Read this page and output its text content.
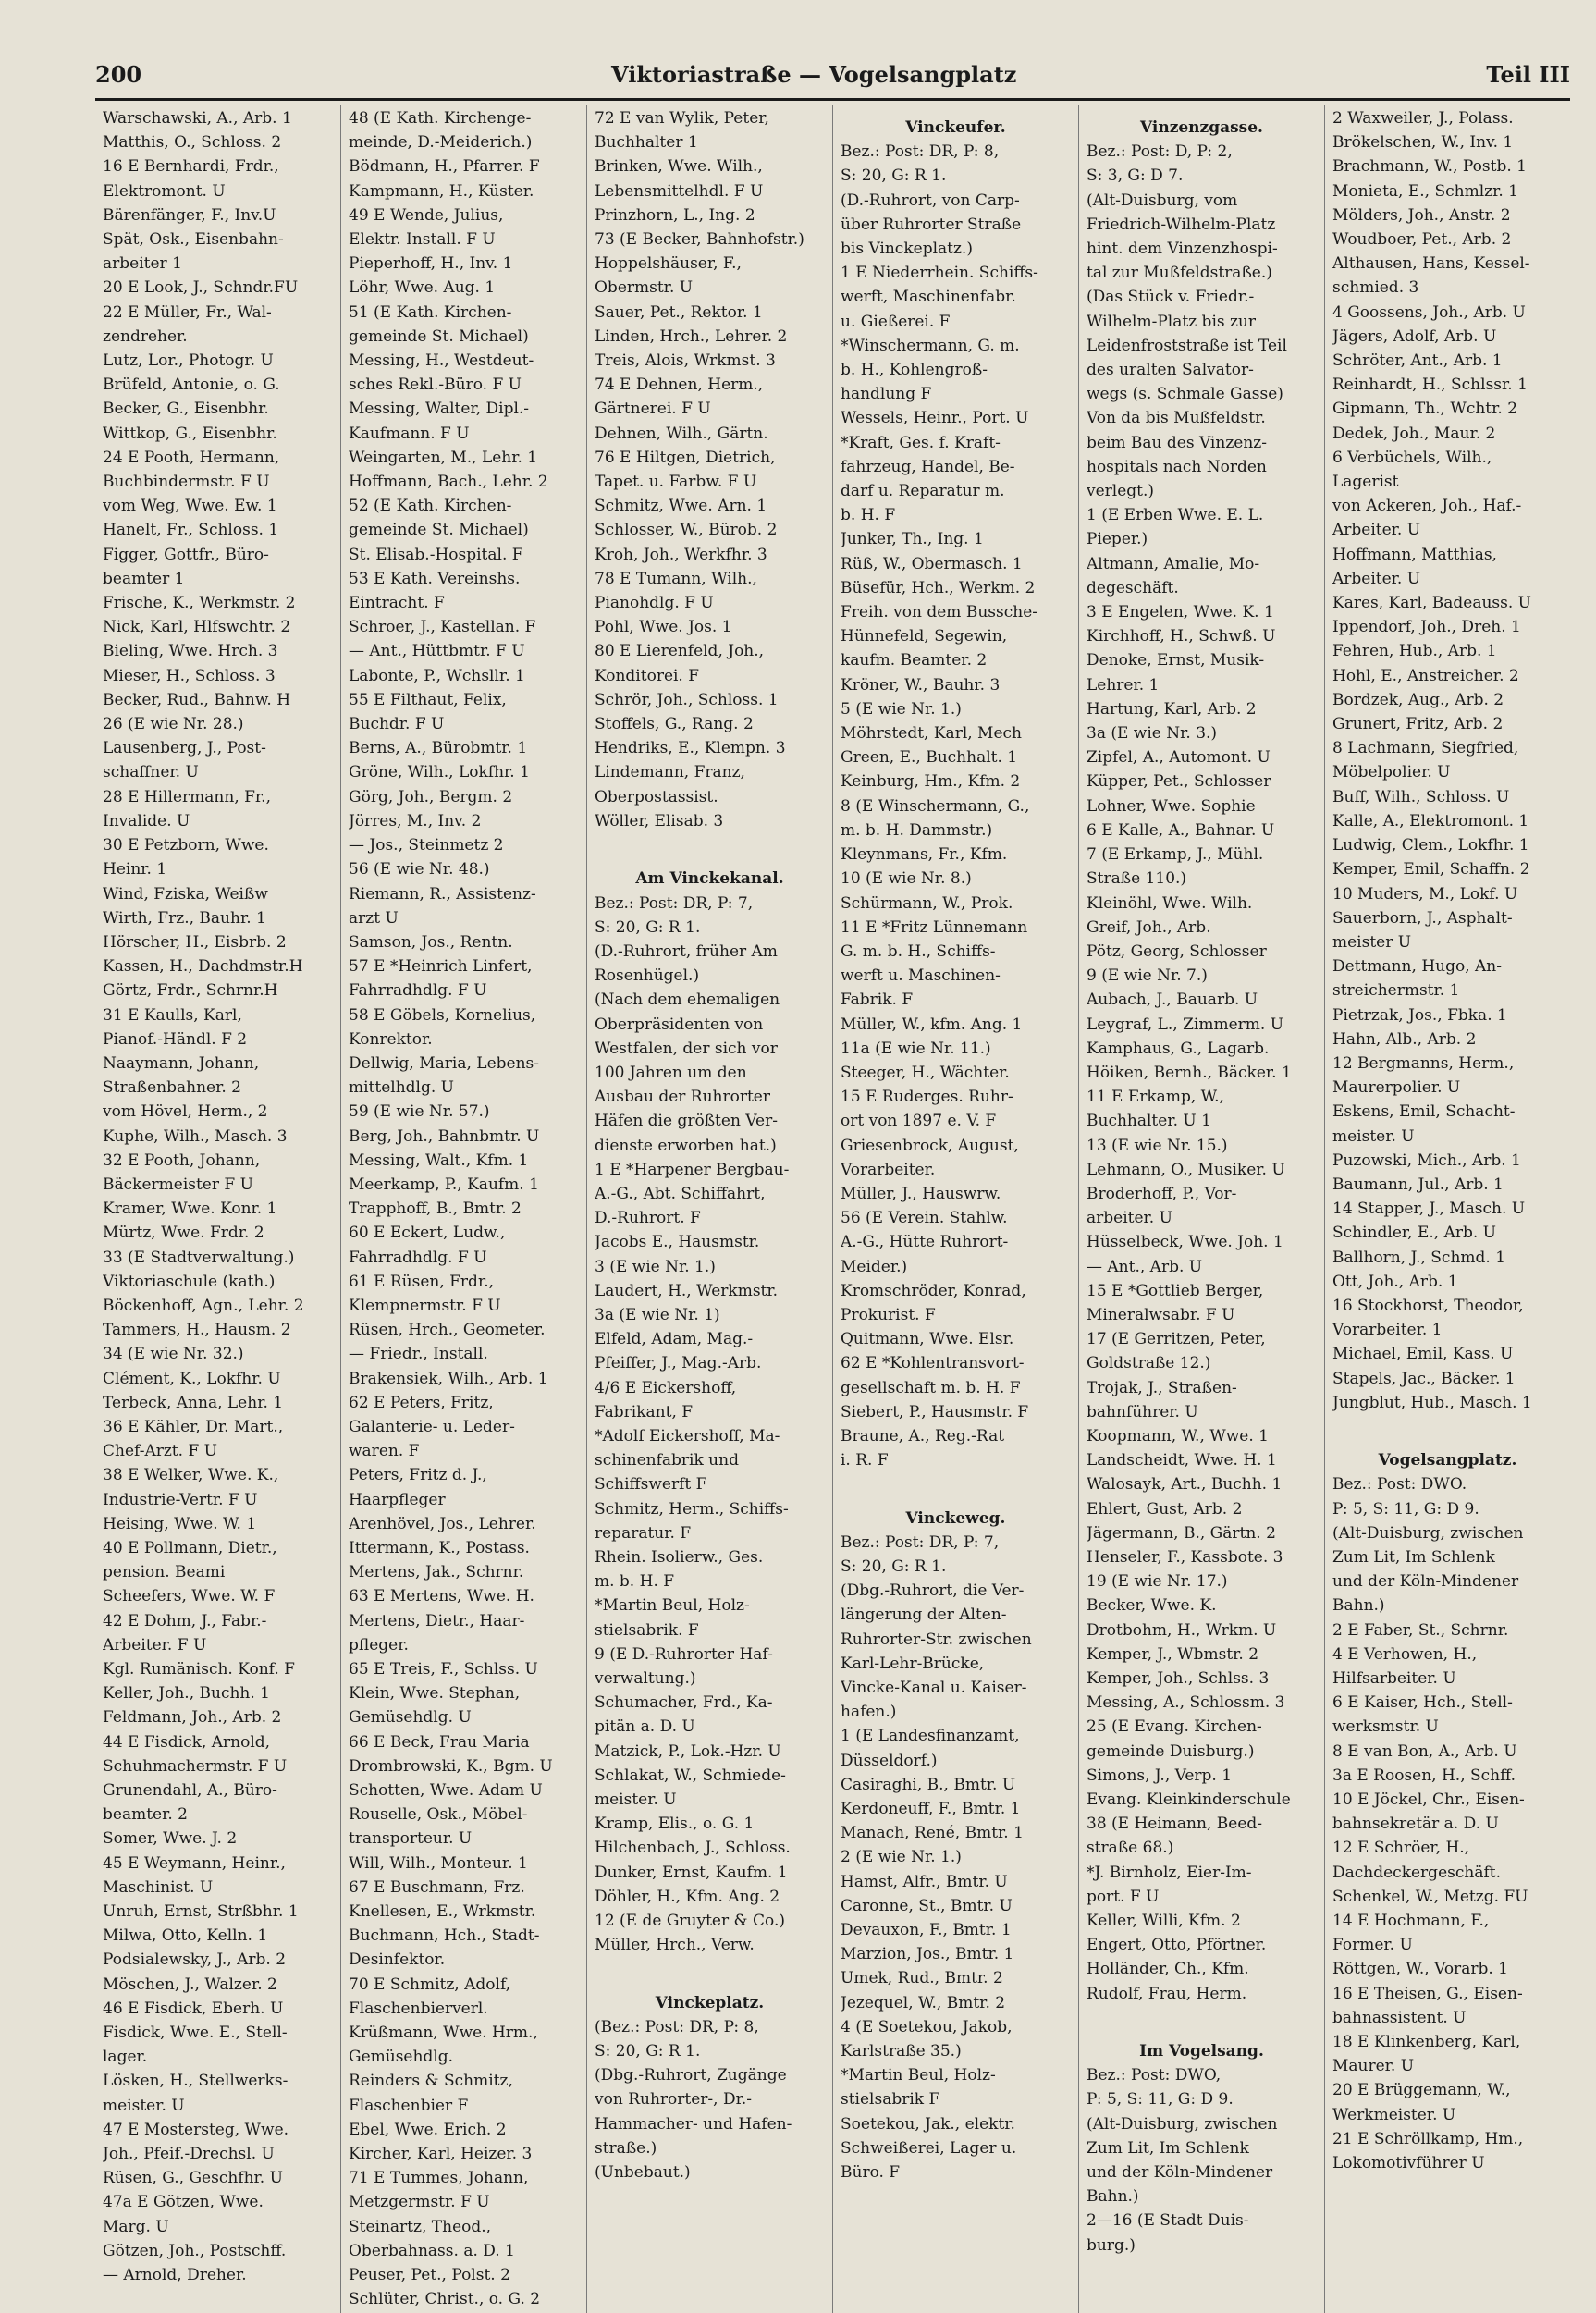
200	Viktoriastraße — Vogelsangplatz	Teil III
Warschawski, A., Arb. 1
Matthis, O., Schloss. 2
16 E Bernhardi, Frdr.,
Elektromont. U
Bärenfänger, F., Inv.U
Spät, Osk., Eisenbahn-
arbeiter 1
20 E Look, J., Schndr.FU
22 E Müller, Fr., Wal-
zendreher.
Lutz, Lor., Photogr. U
Brüfeld, Antonie, o. G.
Becker, G., Eisenbhr.
Wittkop, G., Eisenbhr.
24 E Pooth, Hermann,
Buchbindermstr. F U
vom Weg, Wwe. Ew. 1
Hanelt, Fr., Schloss. 1
Figger, Gottfr., Büro-
beamter 1
Frische, K., Werkmstr. 2
Nick, Karl, Hlfswchtr. 2
Bieling, Wwe. Hrch. 3
Mieser, H., Schloss. 3
Becker, Rud., Bahnw. H
26 (E wie Nr. 28.)
Lausenberg, J., Post-
schaffner. U
28 E Hillermann, Fr.,
Invalide. U
30 E Petzborn, Wwe.
Heinr. 1
Wind, Fziska, Weißw
Wirth, Frz., Bauhr. 1
Hörscher, H., Eisbrb. 2
Kassen, H., Dachdmstr.H
Görtz, Frdr., Schrnr.H
31 E Kaulls, Karl,
Pianof.-Händl. F 2
Naaymann, Johann,
Straßenbahner. 2
vom Hövel, Herm., 2
Kuphe, Wilh., Masch. 3
32 E Pooth, Johann,
Bäckermeister F U
Kramer, Wwe. Konr. 1
Mürtz, Wwe. Frdr. 2
33 (E Stadtverwaltung.)
Viktoriaschule (kath.)
Böckenhoff, Agn., Lehr. 2
Tammers, H., Hausm. 2
34 (E wie Nr. 32.)
Clément, K., Lokfhr. U
Terbeck, Anna, Lehr. 1
36 E Kähler, Dr. Mart.,
Chef-Arzt. F U
38 E Welker, Wwe. K.,
Industrie-Vertr. F U
Heising, Wwe. W. 1
40 E Pollmann, Dietr.,
pension. Beami
Scheefers, Wwe. W. F
42 E Dohm, J., Fabr.-
Arbeiter. F U
Kgl. Rumänisch. Konf. F
Keller, Joh., Buchh. 1
Feldmann, Joh., Arb. 2
44 E Fisdick, Arnold,
Schuhmachermstr. F U
Grunendahl, A., Büro-
beamter. 2
Somer, Wwe. J. 2
45 E Weymann, Heinr.,
Maschinist. U
Unruh, Ernst, Strßbhr. 1
Milwa, Otto, Kelln. 1
Podsialewsky, J., Arb. 2
Möschen, J., Walzer. 2
46 E Fisdick, Eberh. U
Fisdick, Wwe. E., Stell-
lager.
Lösken, H., Stellwerks-
meister. U
47 E Mostersteg, Wwe.
Joh., Pfeif.-Drechsl. U
Rüsen, G., Geschfhr. U
47a E Götzen, Wwe.
Marg. U
Götzen, Joh., Postschff.
— Arnold, Dreher.
48 (E Kath. Kirchenge-
meinde, D.-Meiderich.)
Bödmann, H., Pfarrer. F
Kampmann, H., Küster.
49 E Wende, Julius,
Elektr. Install. F U
Pieperhoff, H., Inv. 1
Löhr, Wwe. Aug. 1
51 (E Kath. Kirchen-
gemeinde St. Michael)
Messing, H., Westdeut-
sches Rekl.-Büro. F U
Messing, Walter, Dipl.-
Kaufmann. F U
Weingarten, M., Lehr. 1
Hoffmann, Bach., Lehr. 2
52 (E Kath. Kirchen-
gemeinde St. Michael)
St. Elisab.-Hospital. F
53 E Kath. Vereinshs.
Eintracht. F
Schroer, J., Kastellan. F
— Ant., Hüttbmtr. F U
Labonte, P., Wchsllr. 1
55 E Filthaut, Felix,
Buchdr. F U
Berns, A., Bürobmtr. 1
Gröne, Wilh., Lokfhr. 1
Görg, Joh., Bergm. 2
Jörres, M., Inv. 2
— Jos., Steinmetz 2
56 (E wie Nr. 48.)
Riemann, R., Assistenz-
arzt U
Samson, Jos., Rentn.
57 E *Heinrich Linfert,
Fahrradhdlg. F U
58 E Göbels, Kornelius,
Konrektor.
Dellwig, Maria, Lebens-
mittelhdlg. U
59 (E wie Nr. 57.)
Berg, Joh., Bahnbmtr. U
Messing, Walt., Kfm. 1
Meerkamp, P., Kaufm. 1
Trapphoff, B., Bmtr. 2
60 E Eckert, Ludw.,
Fahrradhdlg. F U
61 E Rüsen, Frdr.,
Klempnermstr. F U
Rüsen, Hrch., Geometer.
— Friedr., Install.
Brakensiek, Wilh., Arb. 1
62 E Peters, Fritz,
Galanterie- u. Leder-
waren. F
Peters, Fritz d. J.,
Haarpfleger
Arenhövel, Jos., Lehrer.
Ittermann, K., Postass.
Mertens, Jak., Schrnr.
63 E Mertens, Wwe. H.
Mertens, Dietr., Haar-
pfleger.
65 E Treis, F., Schlss. U
Klein, Wwe. Stephan,
Gemüsehdlg. U
66 E Beck, Frau Maria
Drombrowski, K., Bgm. U
Schotten, Wwe. Adam U
Rouselle, Osk., Möbel-
transporteur. U
Will, Wilh., Monteur. 1
67 E Buschmann, Frz.
Knellesen, E., Wrkmstr.
Buchmann, Hch., Stadt-
Desinfektor.
70 E Schmitz, Adolf,
Flaschenbierverl.
Krüßmann, Wwe. Hrm.,
Gemüsehdlg.
Reinders & Schmitz,
Flaschenbier F
Ebel, Wwe. Erich. 2
Kircher, Karl, Heizer. 3
71 E Tummes, Johann,
Metzgermstr. F U
Steinartz, Theod.,
Oberbahnass. a. D. 1
Peuser, Pet., Polst. 2
Schlüter, Christ., o. G. 2
72 E van Wylik, Peter,
Buchhalter 1
Brinken, Wwe. Wilh.,
Lebensmittelhdl. F U
Prinzhorn, L., Ing. 2
73 (E Becker, Bahnhofstr.)
Hoppelshäuser, F.,
Obermstr. U
Sauer, Pet., Rektor. 1
Linden, Hrch., Lehrer. 2
Treis, Alois, Wrkmst. 3
74 E Dehnen, Herm.,
Gärtnerei. F U
Dehnen, Wilh., Gärtn.
76 E Hiltgen, Dietrich,
Tapet. u. Farbw. F U
Schmitz, Wwe. Arn. 1
Schlosser, W., Bürob. 2
Kroh, Joh., Werkfhr. 3
78 E Tumann, Wilh.,
Pianohdlg. F U
Pohl, Wwe. Jos. 1
80 E Lierenfeld, Joh.,
Konditorei. F
Schrör, Joh., Schloss. 1
Stoffels, G., Rang. 2
Hendriks, E., Klempn. 3
Lindemann, Franz,
Oberpostassist.
Wöller, Elisab. 3

Am Vinckekanal.
Bez.: Post: DR, P: 7,
S: 20, G: R 1.
(D.-Ruhrort, früher Am
Rosenhügel.)
(Nach dem ehemaligen
Oberpräsidenten von
Westfalen, der sich vor
100 Jahren um den
Ausbau der Ruhrorter
Häfen die größten Ver-
dienste erworben hat.)
1 E *Harpener Bergbau-
A.-G., Abt. Schiffahrt,
D.-Ruhrort. F
Jacobs E., Hausmstr.
3 (E wie Nr. 1.)
Laudert, H., Werkmstr.
3a (E wie Nr. 1)
Elfeld, Adam, Mag.-
Pfeiffer, J., Mag.-Arb.
4/6 E Eickershoff,
Fabrikant, F
*Adolf Eickershoff, Ma-
schinenfabrik und
Schiffswerft F
Schmitz, Herm., Schiffs-
reparatur. F
Rhein. Isolierw., Ges.
m. b. H. F
*Martin Beul, Holz-
stielsabrik. F
9 (E D.-Ruhrorter Haf-
verwaltung.)
Schumacher, Frd., Ka-
pitän a. D. U
Matzick, P., Lok.-Hzr. U
Schlakat, W., Schmiede-
meister. U
Kramp, Elis., o. G. 1
Hilchenbach, J., Schloss.
Dunker, Ernst, Kaufm. 1
Döhler, H., Kfm. Ang. 2
12 (E de Gruyter & Co.)
Müller, Hrch., Verw.

Vinckeplatz.
(Bez.: Post: DR, P: 8,
S: 20, G: R 1.
(Dbg.-Ruhrort, Zugänge
von Ruhrorter-, Dr.-
Hammacher- und Hafen-
straße.)
(Unbebaut.)
Vinckeufer.
Bez.: Post: DR, P: 8,
S: 20, G: R 1.
(D.-Ruhrort, von Carp-
über Ruhrorter Straße
bis Vinckeplatz.)
1 E Niederrhein. Schiffs-
werft, Maschinenfabr.
u. Gießerei. F
*Winschermann, G. m.
b. H., Kohlengroß-
handlung F
Wessels, Heinr., Port. U
*Kraft, Ges. f. Kraft-
fahrzeug, Handel, Be-
darf u. Reparatur m.
b. H. F
Junker, Th., Ing. 1
Rüß, W., Obermasch. 1
Büsefür, Hch., Werkm. 2
Freih. von dem Bussche-
Hünnefeld, Segewin,
kaufm. Beamter. 2
Kröner, W., Bauhr. 3
5 (E wie Nr. 1.)
Möhrstedt, Karl, Mech
Green, E., Buchhalt. 1
Keinburg, Hm., Kfm. 2
8 (E Winschermann, G.,
m. b. H. Dammstr.)
Kleynmans, Fr., Kfm.
10 (E wie Nr. 8.)
Schürmann, W., Prok.
11 E *Fritz Lünnemann
G. m. b. H., Schiffs-
werft u. Maschinen-
Fabrik. F
Müller, W., kfm. Ang. 1
11a (E wie Nr. 11.)
Steeger, H., Wächter.
15 E Ruderges. Ruhr-
ort von 1897 e. V. F
Griesenbrock, August,
Vorarbeiter.
Müller, J., Hauswrw.
56 (E Verein. Stahlw.
A.-G., Hütte Ruhrort-
Meider.)
Kromschröder, Konrad,
Prokurist. F
Quitmann, Wwe. Elsr.
62 E *Kohlentransvort-
gesellschaft m. b. H. F
Siebert, P., Hausmstr. F
Braune, A., Reg.-Rat
i. R. F

Vinckeweg.
Bez.: Post: DR, P: 7,
S: 20, G: R 1.
(Dbg.-Ruhrort, die Ver-
längerung der Alten-
Ruhrorter-Str. zwischen
Karl-Lehr-Brücke,
Vincke-Kanal u. Kaiser-
hafen.)
1 (E Landesfinanzamt,
Düsseldorf.)
Casiraghi, B., Bmtr. U
Kerdoneuff, F., Bmtr. 1
Manach, René, Bmtr. 1
2 (E wie Nr. 1.)
Hamst, Alfr., Bmtr. U
Caronne, St., Bmtr. U
Devauxon, F., Bmtr. 1
Marzion, Jos., Bmtr. 1
Umek, Rud., Bmtr. 2
Jezequel, W., Bmtr. 2
4 (E Soetekou, Jakob,
Karlstraße 35.)
*Martin Beul, Holz-
stielsabrik F
Soetekou, Jak., elektr.
Schweißerei, Lager u.
Büro. F
Vinzenzgasse.
Bez.: Post: D, P: 2,
S: 3, G: D 7.
(Alt-Duisburg, vom
Friedrich-Wilhelm-Platz
hint. dem Vinzenzhospi-
tal zur Mußfeldstraße.)
(Das Stück v. Friedr.-
Wilhelm-Platz bis zur
Leidenfroststraße ist Teil
des uralten Salvator-
wegs (s. Schmale Gasse)
Von da bis Mußfeldstr.
beim Bau des Vinzenz-
hospitals nach Norden
verlegt.)
1 (E Erben Wwe. E. L.
Pieper.)
Altmann, Amalie, Mo-
degeschäft.
3 E Engelen, Wwe. K. 1
Kirchhoff, H., Schwß. U
Denoke, Ernst, Musik-
Lehrer. 1
Hartung, Karl, Arb. 2
3a (E wie Nr. 3.)
Zipfel, A., Automont. U
Küpper, Pet., Schlosser
Lohner, Wwe. Sophie
6 E Kalle, A., Bahnar. U
7 (E Erkamp, J., Mühl.
Straße 110.)
Kleinöhl, Wwe. Wilh.
Greif, Joh., Arb.
Pötz, Georg, Schlosser
9 (E wie Nr. 7.)
Aubach, J., Bauarb. U
Leygraf, L., Zimmerm. U
Kamphaus, G., Lagarb.
Höiken, Bernh., Bäcker. 1
11 E Erkamp, W.,
Buchhalter. U 1
13 (E wie Nr. 15.)
Lehmann, O., Musiker. U
Broderhoff, P., Vor-
arbeiter. U
Hüsselbeck, Wwe. Joh. 1
— Ant., Arb. U
15 E *Gottlieb Berger,
Mineralwsabr. F U
17 (E Gerritzen, Peter,
Goldstraße 12.)
Trojak, J., Straßen-
bahnführer. U
Koopmann, W., Wwe. 1
Landscheidt, Wwe. H. 1
Walosayk, Art., Buchh. 1
Ehlert, Gust, Arb. 2
Jägermann, B., Gärtn. 2
Henseler, F., Kassbote. 3
19 (E wie Nr. 17.)
Becker, Wwe. K.
Drotbohm, H., Wrkm. U
Kemper, J., Wbmstr. 2
Kemper, Joh., Schlss. 3
Messing, A., Schlossm. 3
25 (E Evang. Kirchen-
gemeinde Duisburg.)
Simons, J., Verp. 1
Evang. Kleinkinderschule
38 (E Heimann, Beed-
straße 68.)
*J. Birnholz, Eier-Im-
port. F U
Keller, Willi, Kfm. 2
Engert, Otto, Pförtner.
Holländer, Ch., Kfm.
Rudolf, Frau, Herm.

Im Vogelsang.
Bez.: Post: DWO,
P: 5, S: 11, G: D 9.
(Alt-Duisburg, zwischen
Zum Lit, Im Schlenk
und der Köln-Mindener
Bahn.)
2—16 (E Stadt Duis-
burg.)
2 Waxweiler, J., Polass.
Brökelschen, W., Inv. 1
Brachmann, W., Postb. 1
Monieta, E., Schmlzr. 1
Mölders, Joh., Anstr. 2
Woudboer, Pet., Arb. 2
Althausen, Hans, Kessel-
schmied. 3
4 Goossens, Joh., Arb. U
Jägers, Adolf, Arb. U
Schröter, Ant., Arb. 1
Reinhardt, H., Schlssr. 1
Gipmann, Th., Wchtr. 2
Dedek, Joh., Maur. 2
6 Verbüchels, Wilh.,
Lagerist
von Ackeren, Joh., Haf.-
Arbeiter. U
Hoffmann, Matthias,
Arbeiter. U
Kares, Karl, Badeauss. U
Ippendorf, Joh., Dreh. 1
Fehren, Hub., Arb. 1
Hohl, E., Anstreicher. 2
Bordzek, Aug., Arb. 2
Grunert, Fritz, Arb. 2
8 Lachmann, Siegfried,
Möbelpolier. U
Buff, Wilh., Schloss. U
Kalle, A., Elektromont. 1
Ludwig, Clem., Lokfhr. 1
Kemper, Emil, Schaffn. 2
10 Muders, M., Lokf. U
Sauerborn, J., Asphalt-
meister U
Dettmann, Hugo, An-
streichermstr. 1
Pietrzak, Jos., Fbka. 1
Hahn, Alb., Arb. 2
12 Bergmanns, Herm.,
Maurerpolier. U
Eskens, Emil, Schacht-
meister. U
Puzowski, Mich., Arb. 1
Baumann, Jul., Arb. 1
14 Stapper, J., Masch. U
Schindler, E., Arb. U
Ballhorn, J., Schmd. 1
Ott, Joh., Arb. 1
16 Stockhorst, Theodor,
Vorarbeiter. 1
Michael, Emil, Kass. U
Stapels, Jac., Bäcker. 1
Jungblut, Hub., Masch. 1

Vogelsangplatz.
Bez.: Post: DWO.
P: 5, S: 11, G: D 9.
(Alt-Duisburg, zwischen
Zum Lit, Im Schlenk
und der Köln-Mindener
Bahn.)
2 E Faber, St., Schrnr.
4 E Verhowen, H.,
Hilfsarbeiter. U
6 E Kaiser, Hch., Stell-
werksmstr. U
8 E van Bon, A., Arb. U
3a E Roosen, H., Schff.
10 E Jöckel, Chr., Eisen-
bahnsekretär a. D. U
12 E Schröer, H.,
Dachdeckergeschäft.
Schenkel, W., Metzg. FU
14 E Hochmann, F.,
Former. U
Röttgen, W., Vorarb. 1
16 E Theisen, G., Eisen-
bahnassistent. U
18 E Klinkenberg, Karl,
Maurer. U
20 E Brüggemann, W.,
Werkmeister. U
21 E Schröllkamp, Hm.,
Lokomotivführer U
